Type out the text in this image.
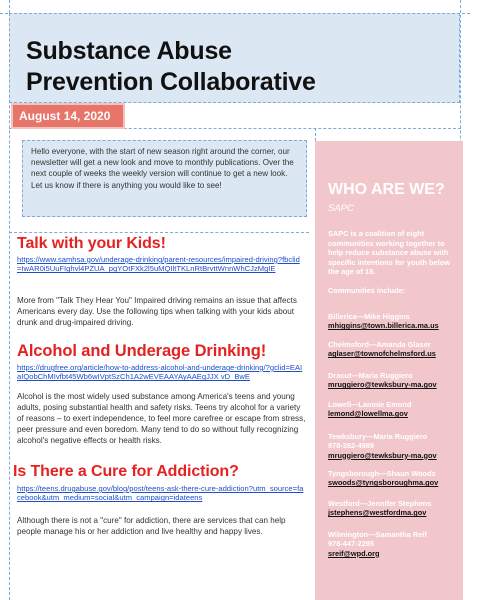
Substance Abuse
Prevention Collaborative
August 14, 2020
Hello everyone, with the start of new season right around the corner, our newsletter will get a new look and move to monthly publications. Over the next couple of weeks the weekly version will continue to get a new look. Let us know if there is anything you would like to see!
Talk with your Kids!
https://www.samhsa.gov/underage-drinking/parent-resources/impaired-driving?fbclid=IwAR0i5UuFIghvl4PZUA_pgYOtFXk2l5uMQIltTKLnRtBrvttWnnWhCJzMgIE
More from "Talk They Hear You" Impaired driving remains an issue that affects Americans every day. Use the following tips when talking with your kids about drunk and drug-impaired driving.
Alcohol and Underage Drinking!
https://drugfree.org/article/how-to-address-alcohol-and-underage-drinking/?gclid=EAIaIQobChMIvfbt45Wb6wIVptSzCh1A2wEVEAAYAyAAEgJJX vD_BwE
Alcohol is the most widely used substance among America's teens and young adults, posing substantial health and safety risks. Teens try alcohol for a variety of reasons – to exert independence, to feel more carefree or escape from stress, peer pressure and even boredom. Many tend to do so without fully recognizing alcohol's negative effects or health risks.
Is There a Cure for Addiction?
https://teens.drugabuse.gov/blog/post/teens-ask-there-cure-addiction?utm_source=facebook&utm_medium=social&utm_campaign=idateens
Although there is not a "cure" for addiction, there are services that can help people manage his or her addiction and live healthy and happy lives.
WHO ARE WE?
SAPC
SAPC is a coalition of eight communities working together to help reduce substance abuse with specific intentions for youth below the age of 18.

Communities include:
Billerica—Mike Higgins
mhiggins@town.billerica.ma.us
Chelmsford—Amanda Glaser
aglaser@townofchelmsford.us
Dracut—Maria Ruggiero
mruggiero@tewksbury-ma.gov
Lowell—Lainnie Emond
lemond@lowellma.gov
Tewksbury—Maria Ruggiero
978-382-4989
mruggiero@tewksbury-ma.gov
Tyngsborough—Shaun Woods
swoods@tyngsboroughma.gov
Westford—Jennifer Stephens
jstephens@westfordma.gov
Wilmington—Samantha Reif
978-447-2295
sreif@wpd.org
